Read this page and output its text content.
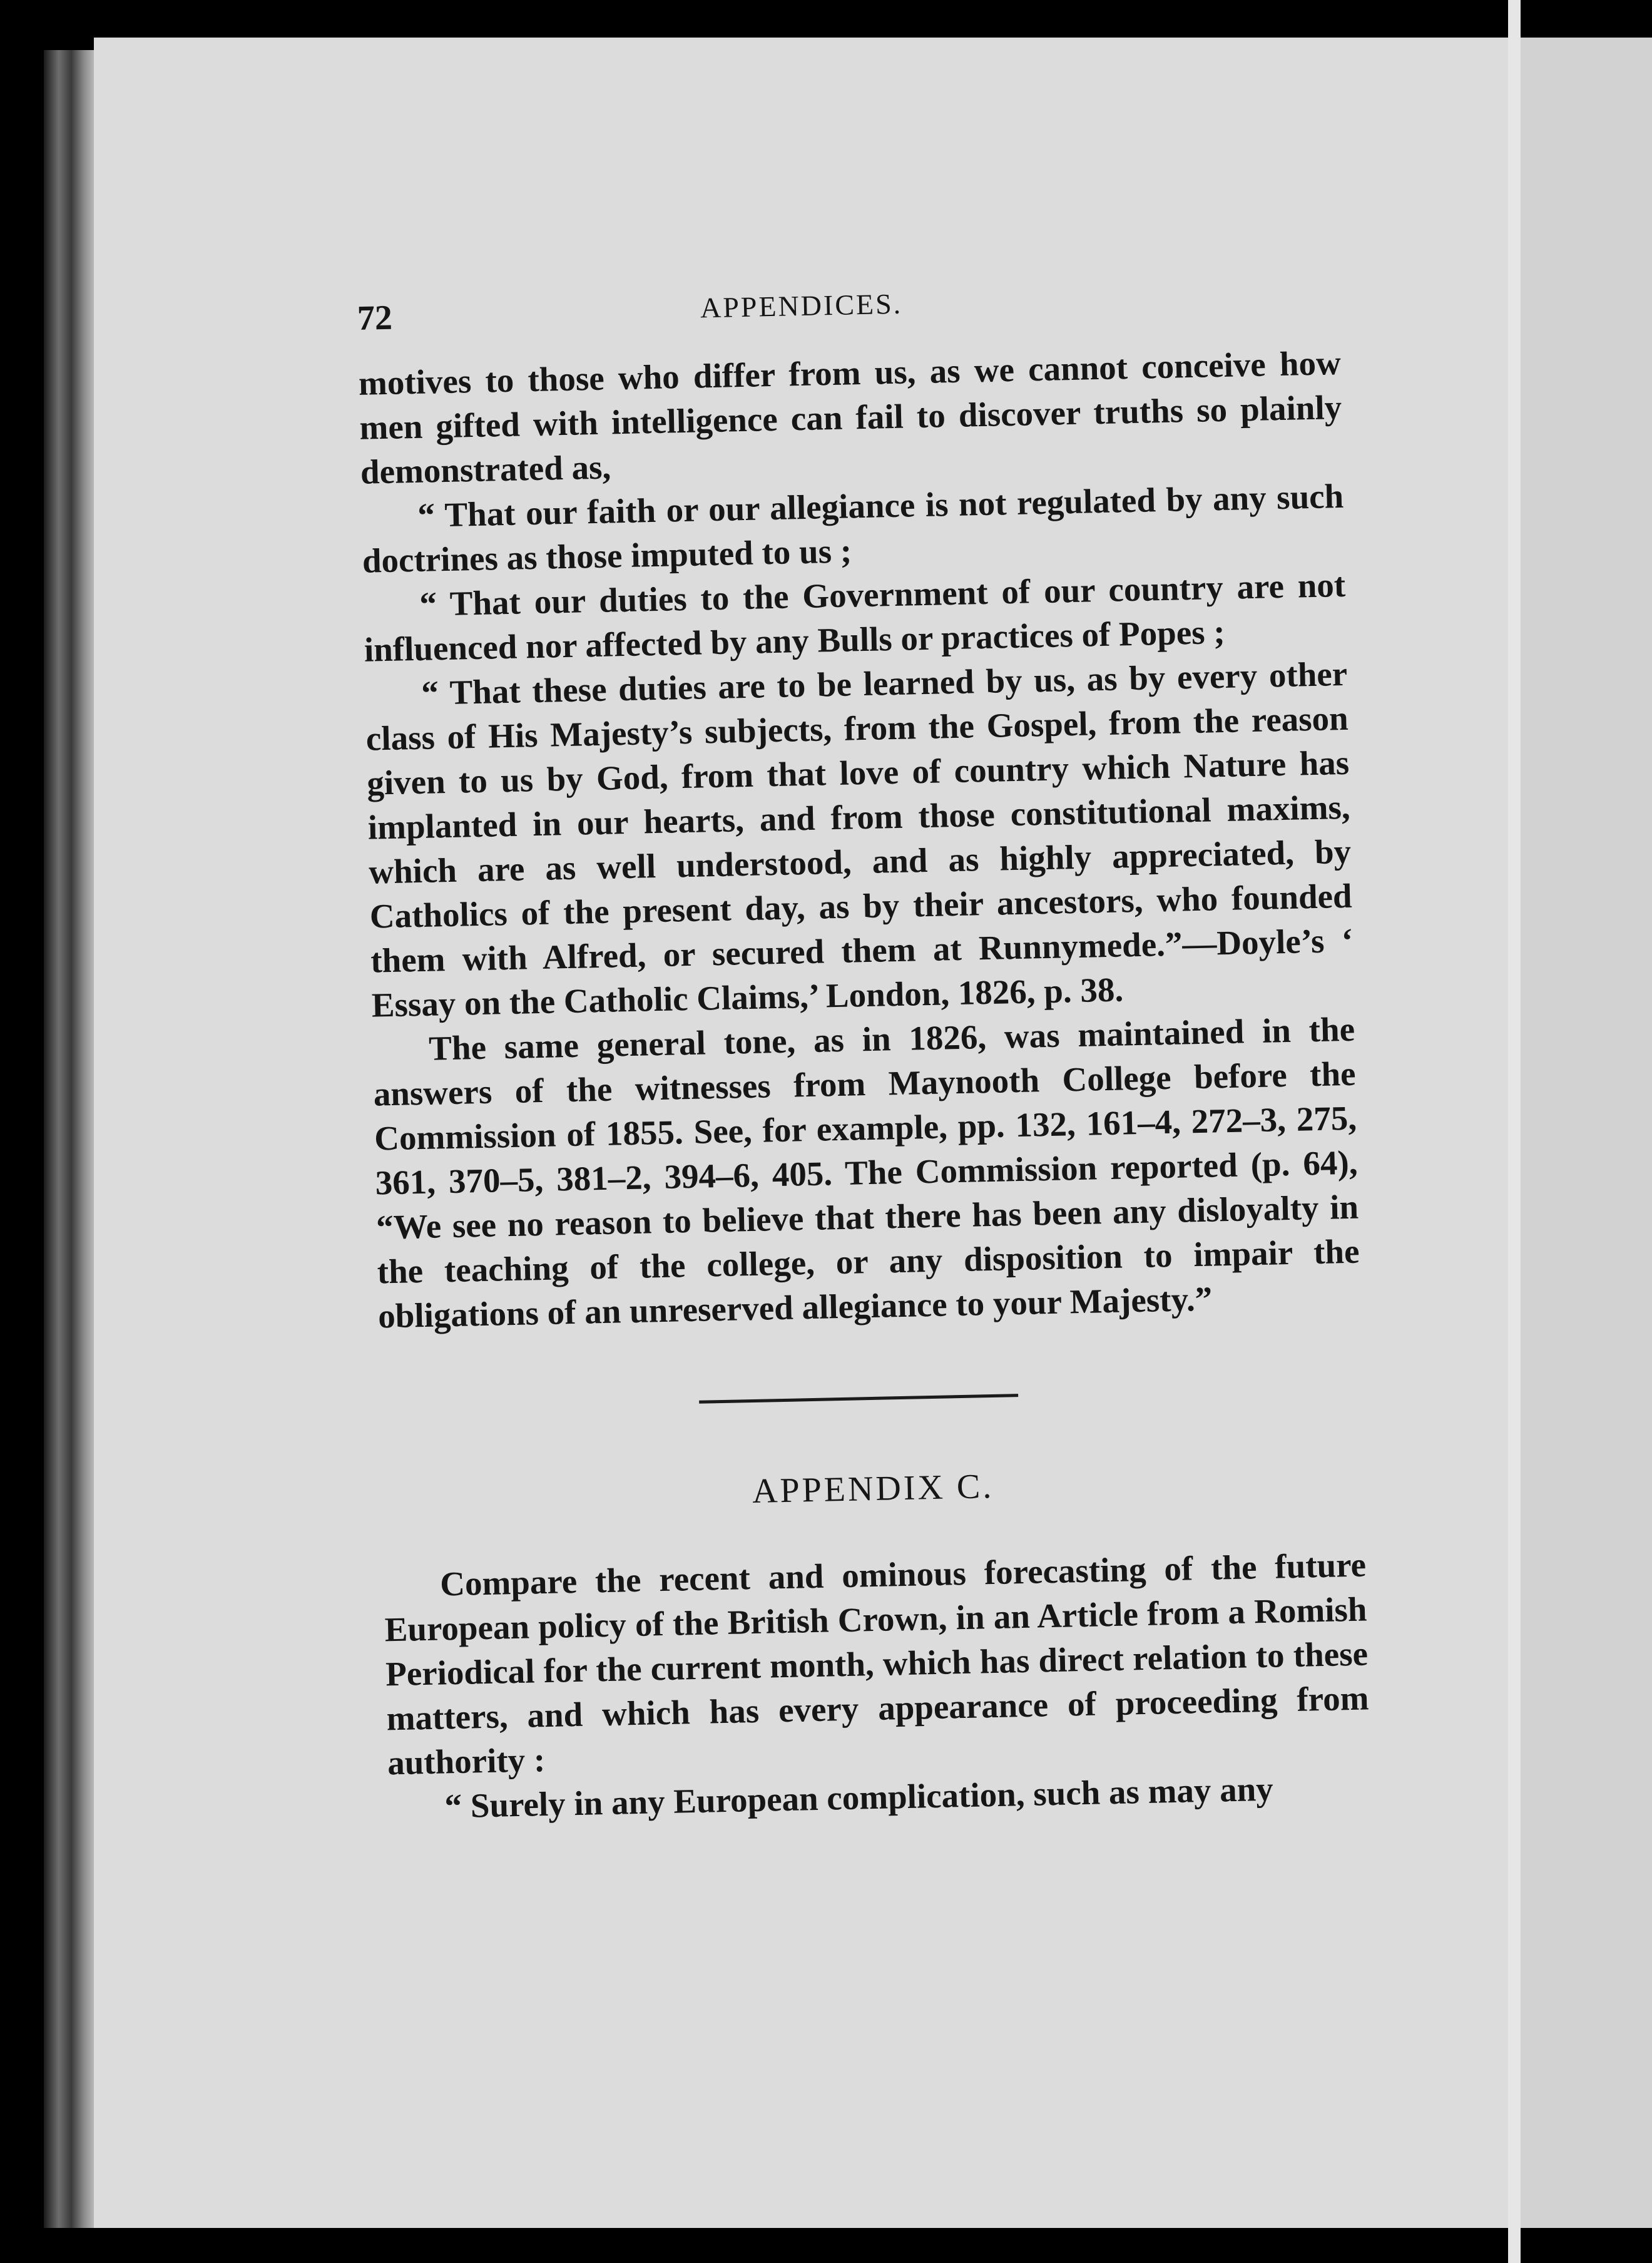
72	APPENDICES.

motives to those who differ from us, as we cannot conceive how men gifted with intelligence can fail to discover truths so plainly demonstrated as,

“ That our faith or our allegiance is not regulated by any such doctrines as those imputed to us ;

“ That our duties to the Government of our country are not influenced nor affected by any Bulls or practices of Popes ;

“ That these duties are to be learned by us, as by every other class of His Majesty’s subjects, from the Gospel, from the reason given to us by God, from that love of country which Nature has implanted in our hearts, and from those constitutional maxims, which are as well understood, and as highly appreciated, by Catholics of the present day, as by their ancestors, who founded them with Alfred, or secured them at Runnymede.”—Doyle’s ‘ Essay on the Catholic Claims,’ London, 1826, p. 38.

The same general tone, as in 1826, was maintained in the answers of the witnesses from Maynooth College before the Commission of 1855. See, for example, pp. 132, 161–4, 272–3, 275, 361, 370–5, 381–2, 394–6, 405. The Commission reported (p. 64), “We see no reason to believe that there has been any disloyalty in the teaching of the college, or any disposition to impair the obligations of an unreserved allegiance to your Majesty.”

APPENDIX C.

Compare the recent and ominous forecasting of the future European policy of the British Crown, in an Article from a Romish Periodical for the current month, which has direct relation to these matters, and which has every appearance of proceeding from authority :

“ Surely in any European complication, such as may any
